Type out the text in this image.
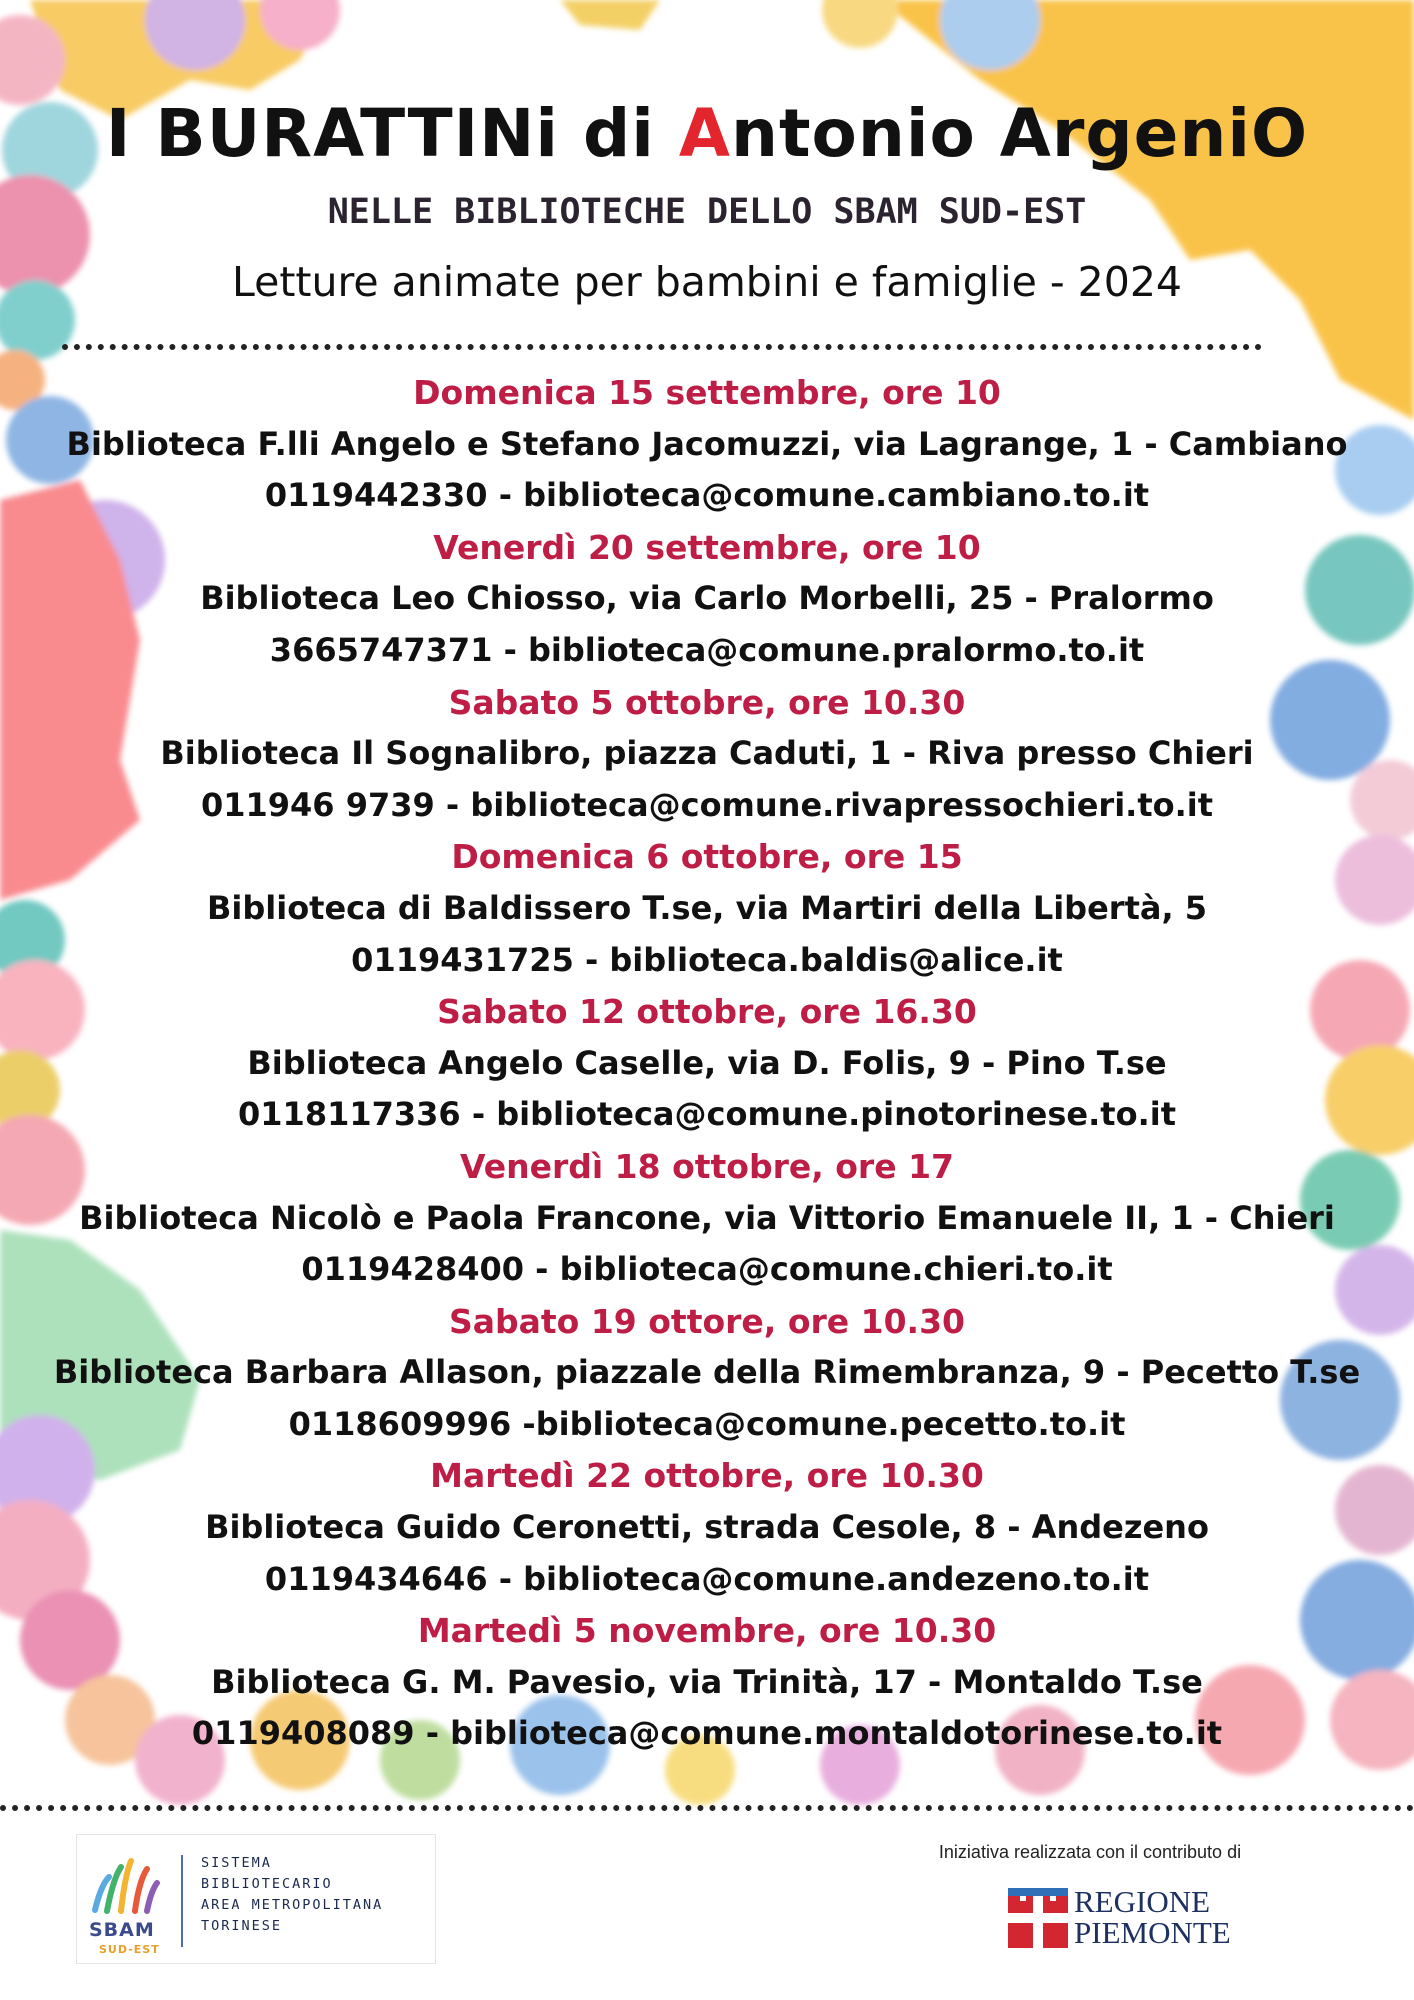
I BURATTINi di Antonio ArgeniO
NELLE BIBLIOTECHE DELLO SBAM SUD-EST
Letture animate per bambini e famiglie - 2024
Domenica 15 settembre, ore 10
Biblioteca F.lli Angelo e Stefano Jacomuzzi, via Lagrange, 1 - Cambiano
0119442330 - biblioteca@comune.cambiano.to.it
Venerdì 20 settembre, ore 10
Biblioteca Leo Chiosso, via Carlo Morbelli, 25 - Pralormo
3665747371 - biblioteca@comune.pralormo.to.it
Sabato 5 ottobre, ore 10.30
Biblioteca Il Sognalibro, piazza Caduti, 1 - Riva presso Chieri
011946 9739 - biblioteca@comune.rivapressochieri.to.it
Domenica 6 ottobre, ore 15
Biblioteca di Baldissero T.se, via Martiri della Libertà, 5
0119431725 - biblioteca.baldis@alice.it
Sabato 12 ottobre, ore 16.30
Biblioteca Angelo Caselle, via D. Folis, 9 - Pino T.se
0118117336 - biblioteca@comune.pinotorinese.to.it
Venerdì 18 ottobre, ore 17
Biblioteca Nicolò e Paola Francone, via Vittorio Emanuele II, 1 - Chieri
0119428400 - biblioteca@comune.chieri.to.it
Sabato 19 ottore, ore 10.30
Biblioteca Barbara Allason, piazzale della Rimembranza, 9 - Pecetto T.se
0118609996 -biblioteca@comune.pecetto.to.it
Martedì 22 ottobre, ore 10.30
Biblioteca Guido Ceronetti, strada Cesole, 8 - Andezeno
0119434646 - biblioteca@comune.andezeno.to.it
Martedì 5 novembre, ore 10.30
Biblioteca G. M. Pavesio, via Trinità, 17 - Montaldo T.se
0119408089 - biblioteca@comune.montaldotorinese.to.it
SBAM
SUD-EST
SISTEMA
BIBLIOTECARIO
AREA METROPOLITANA
TORINESE
Iniziativa realizzata con il contributo di
REGIONE
PIEMONTE
